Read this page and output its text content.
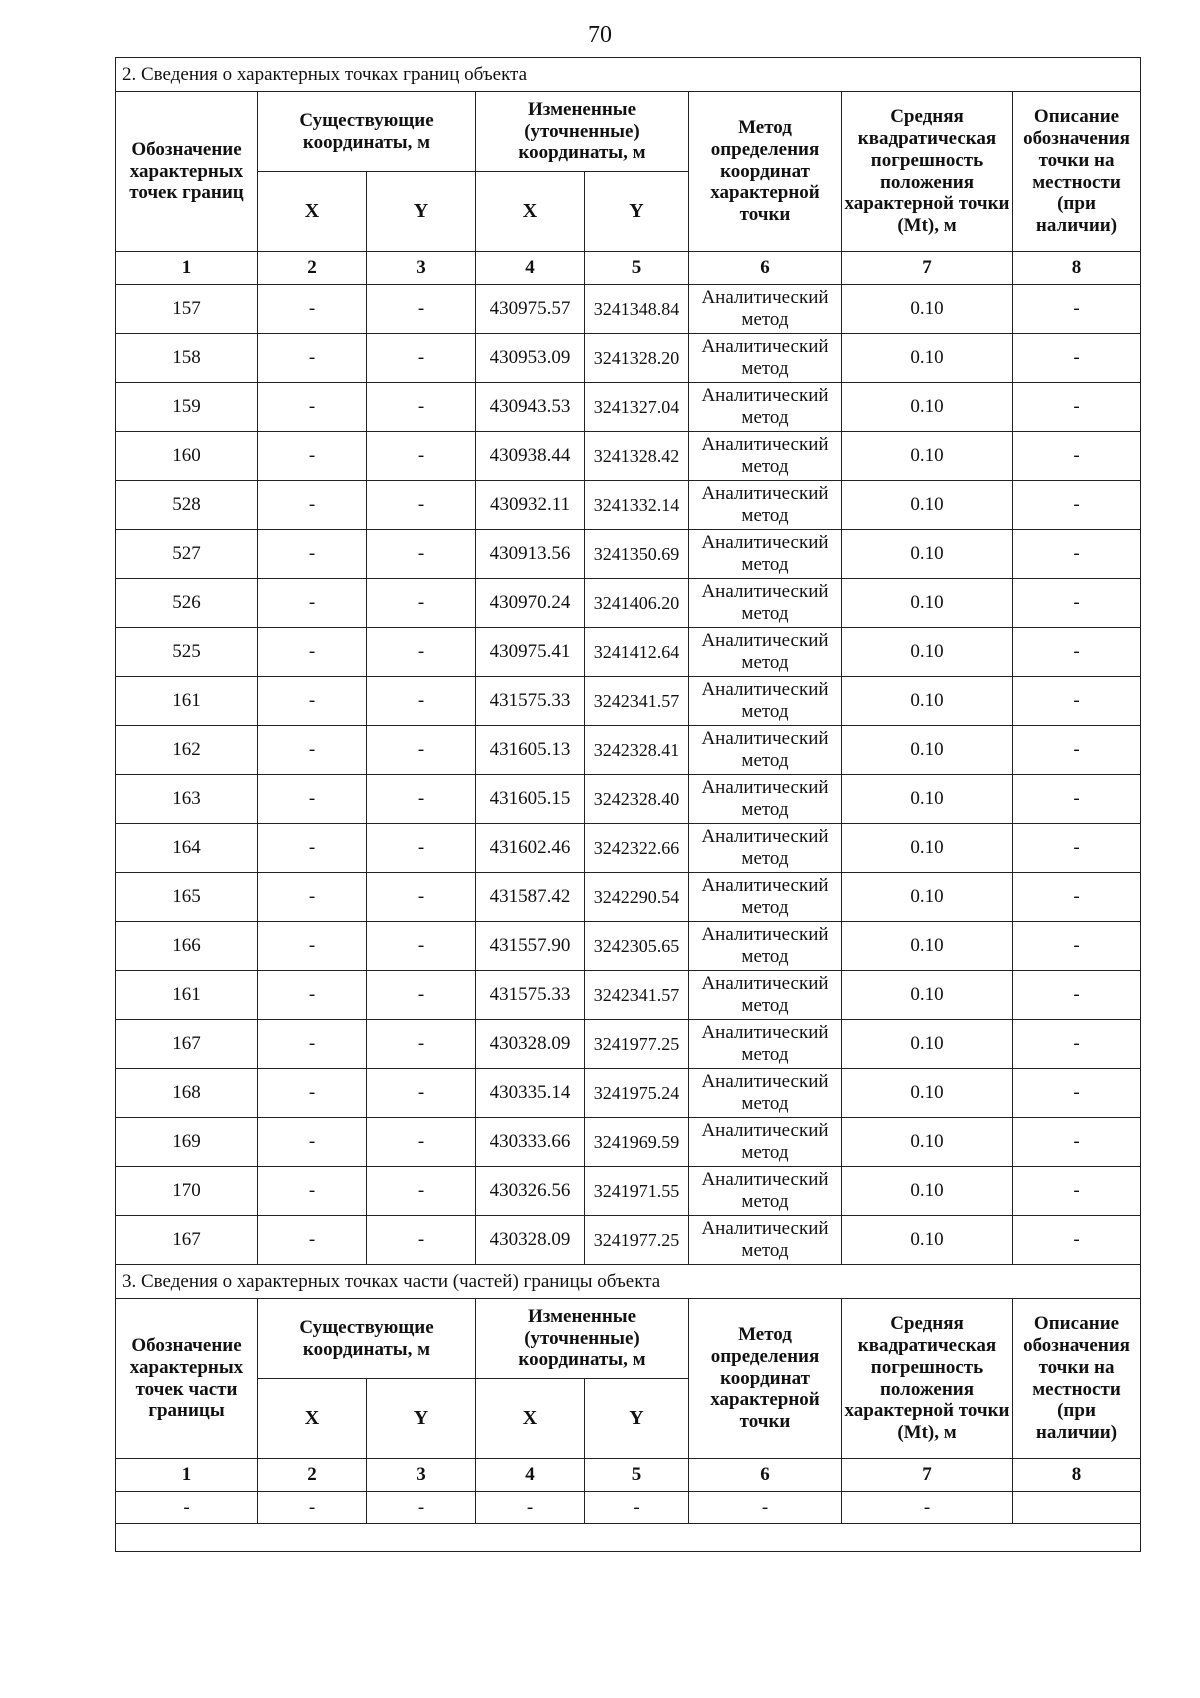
70
2. Сведения о характерных точках границ объекта							
Обозначение характерных точек границ	Существующие координаты, м		Измененные (уточненные) координаты, м		Метод определения координат характерной точки	Средняя квадратическая погрешность положения характерной точки (Mt), м	Описание обозначения точки на местности (при наличии)
	X	Y	X	Y			
1	2	3	4	5	6	7	8
157	-	-	430975.57	3241348.84	Аналитический метод	0.10	-
158	-	-	430953.09	3241328.20	Аналитический метод	0.10	-
159	-	-	430943.53	3241327.04	Аналитический метод	0.10	-
160	-	-	430938.44	3241328.42	Аналитический метод	0.10	-
528	-	-	430932.11	3241332.14	Аналитический метод	0.10	-
527	-	-	430913.56	3241350.69	Аналитический метод	0.10	-
526	-	-	430970.24	3241406.20	Аналитический метод	0.10	-
525	-	-	430975.41	3241412.64	Аналитический метод	0.10	-
161	-	-	431575.33	3242341.57	Аналитический метод	0.10	-
162	-	-	431605.13	3242328.41	Аналитический метод	0.10	-
163	-	-	431605.15	3242328.40	Аналитический метод	0.10	-
164	-	-	431602.46	3242322.66	Аналитический метод	0.10	-
165	-	-	431587.42	3242290.54	Аналитический метод	0.10	-
166	-	-	431557.90	3242305.65	Аналитический метод	0.10	-
161	-	-	431575.33	3242341.57	Аналитический метод	0.10	-
167	-	-	430328.09	3241977.25	Аналитический метод	0.10	-
168	-	-	430335.14	3241975.24	Аналитический метод	0.10	-
169	-	-	430333.66	3241969.59	Аналитический метод	0.10	-
170	-	-	430326.56	3241971.55	Аналитический метод	0.10	-
167	-	-	430328.09	3241977.25	Аналитический метод	0.10	-
3. Сведения о характерных точках части (частей) границы объекта							
Обозначение характерных точек части границы	Существующие координаты, м		Измененные (уточненные) координаты, м		Метод определения координат характерной точки	Средняя квадратическая погрешность положения характерной точки (Mt), м	Описание обозначения точки на местности (при наличии)
	X	Y	X	Y			
1	2	3	4	5	6	7	8
-	-	-	-	-	-	-	
